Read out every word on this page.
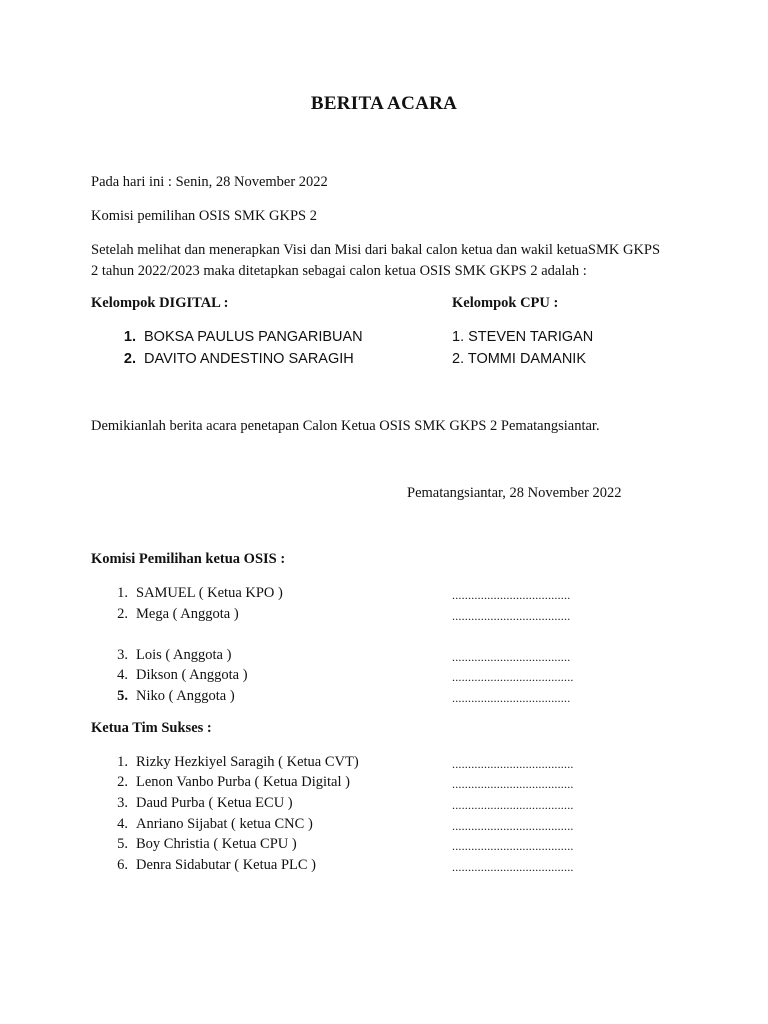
BERITA ACARA
Pada hari ini : Senin, 28 November 2022
Komisi pemilihan OSIS SMK GKPS 2
Setelah melihat dan menerapkan Visi dan Misi dari bakal calon ketua dan wakil ketuaSMK GKPS 2 tahun 2022/2023 maka ditetapkan sebagai calon ketua OSIS SMK GKPS 2 adalah :
Kelompok DIGITAL :
1. BOKSA PAULUS PANGARIBUAN
2. DAVITO ANDESTINO SARAGIH
Kelompok CPU :
1. STEVEN TARIGAN
2. TOMMI DAMANIK
Demikianlah berita acara penetapan Calon Ketua OSIS SMK GKPS 2 Pematangsiantar.
Pematangsiantar, 28 November 2022
Komisi Pemilihan ketua OSIS :
1. SAMUEL ( Ketua KPO )	.....................................
2. Mega ( Anggota )	.....................................
3. Lois ( Anggota )	.....................................
4. Dikson ( Anggota )	......................................
5. Niko ( Anggota )	.....................................
Ketua Tim Sukses :
1. Rizky Hezkiyel Saragih ( Ketua CVT)	......................................
2. Lenon Vanbo Purba ( Ketua Digital )	......................................
3. Daud Purba ( Ketua ECU )	......................................
4. Anriano Sijabat ( ketua CNC )	......................................
5. Boy Christia ( Ketua CPU )	......................................
6. Denra Sidabutar ( Ketua PLC )	......................................
